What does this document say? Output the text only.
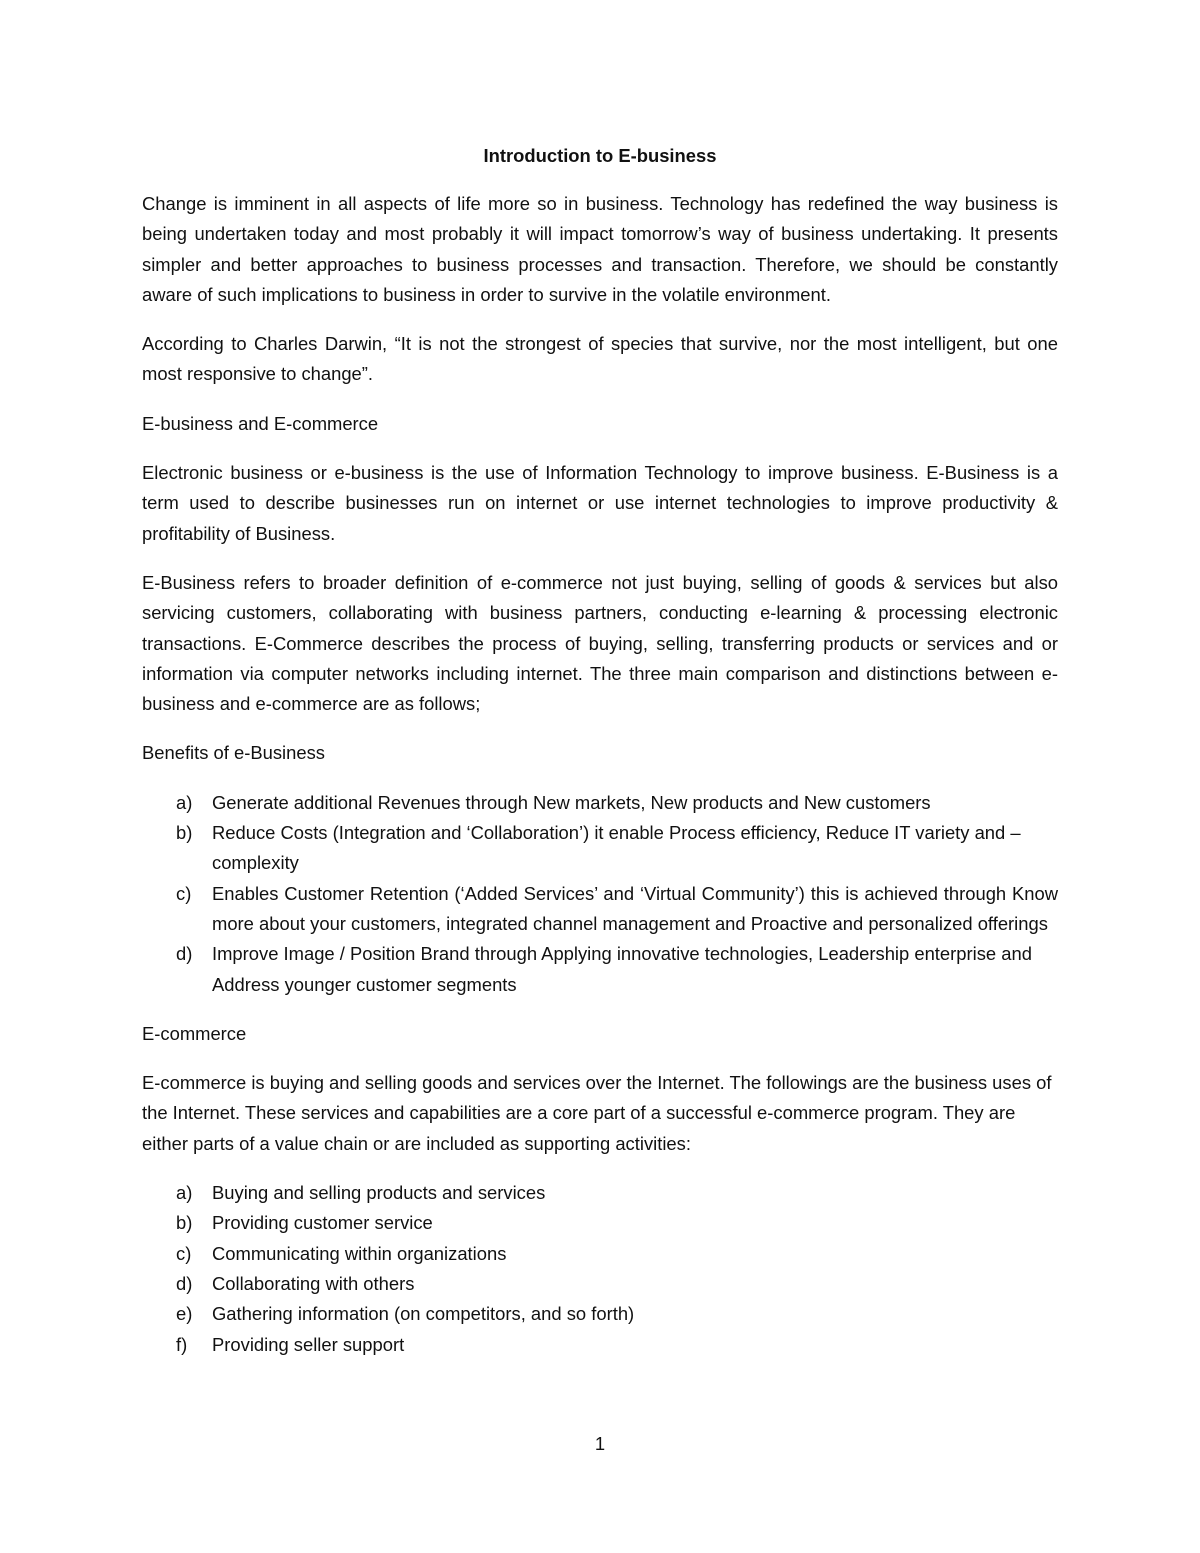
Introduction to E-business

Change is imminent in all aspects of life more so in business. Technology has redefined the way business is being undertaken today and most probably it will impact tomorrow’s way of business undertaking. It presents simpler and better approaches to business processes and transaction. Therefore, we should be constantly aware of such implications to business in order to survive in the volatile environment.

According to Charles Darwin, “It is not the strongest of species that survive, nor the most intelligent, but one most responsive to change”.

E-business and E-commerce

Electronic business or e-business is the use of Information Technology to improve business. E-Business is a term used to describe businesses run on internet or use internet technologies to improve productivity & profitability of Business.

E-Business refers to broader definition of e-commerce not just buying, selling of goods & services but also servicing customers, collaborating with business partners, conducting e-learning & processing electronic transactions. E-Commerce describes the process of buying, selling, transferring products or services and or information via computer networks including internet. The three main comparison and distinctions between e-business and e-commerce are as follows;

Benefits of e-Business
a) Generate additional Revenues through New markets, New products and New customers
b) Reduce Costs (Integration and ‘Collaboration’) it enable Process efficiency, Reduce IT variety and –complexity
c) Enables Customer Retention (‘Added Services’ and ‘Virtual Community’) this is achieved through Know more about your customers, integrated channel management and Proactive and personalized offerings
d) Improve Image / Position Brand through Applying innovative technologies, Leadership enterprise and Address younger customer segments
E-commerce

E-commerce is buying and selling goods and services over the Internet. The followings are the business uses of the Internet. These services and capabilities are a core part of a successful e-commerce program. They are either parts of a value chain or are included as supporting activities:

a) Buying and selling products and services
b) Providing customer service
c) Communicating within organizations
d) Collaborating with others
e) Gathering information (on competitors, and so forth)
f) Providing seller support
1
